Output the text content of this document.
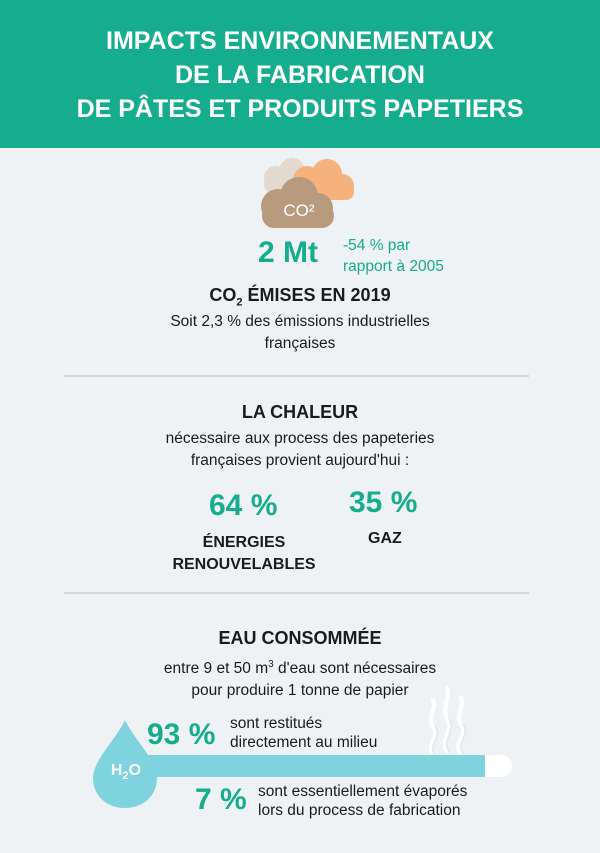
IMPACTS ENVIRONNEMENTAUX
DE LA FABRICATION
DE PÂTES ET PRODUITS PAPETIERS
CO²
2 Mt -54 % par
rapport à 2005
$CO_2$ ÉMISES EN 2019
Soit 2,3 % des émissions industrielles
françaises
LA CHALEUR
nécessaire aux process des papeteries
françaises provient aujourd'hui :
64 % 35 %
ÉNERGIES
RENOUVELABLES
GAZ
EAU CONSOMMÉE
entre 9 et 50 $m^3$ d'eau sont nécessaires
pour produire 1 tonne de papier
$H_2O$
93 % sont restitués
directement au milieu
7 % sont essentiellement évaporés
lors du process de fabrication
